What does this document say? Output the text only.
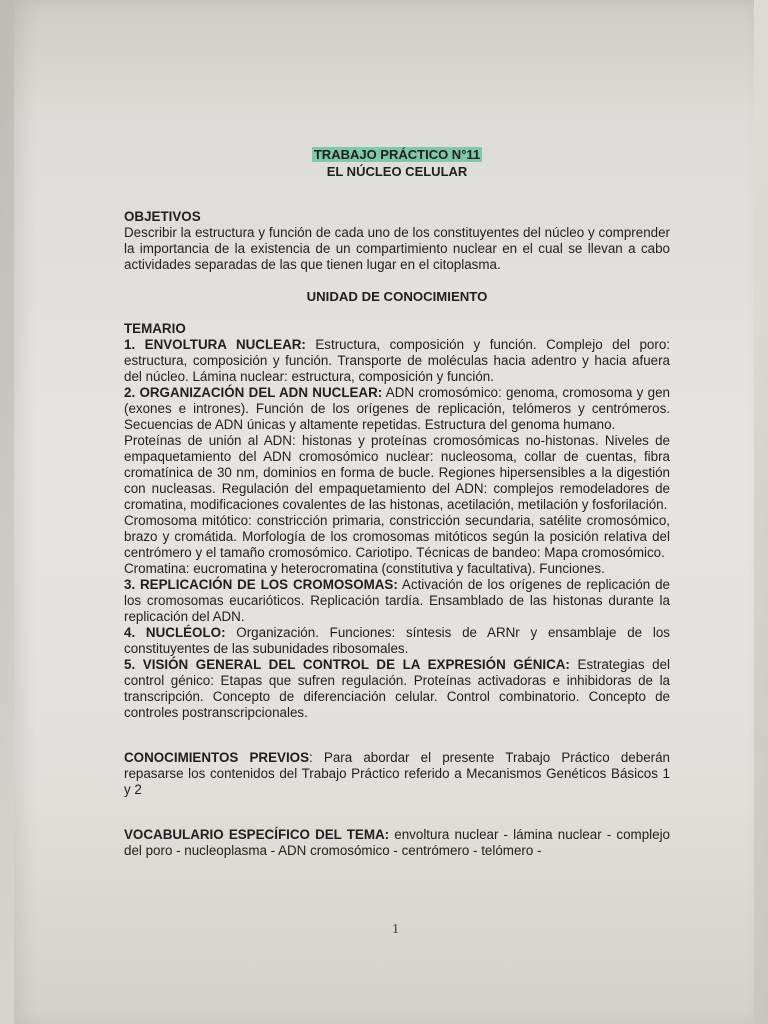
TRABAJO PRÁCTICO N°11
EL NÚCLEO CELULAR
OBJETIVOS

Describir la estructura y función de cada uno de los constituyentes del núcleo y comprender la importancia de la existencia de un compartimiento nuclear en el cual se llevan a cabo actividades separadas de las que tienen lugar en el citoplasma.

UNIDAD DE CONOCIMIENTO
TEMARIO

1. ENVOLTURA NUCLEAR: Estructura, composición y función. Complejo del poro: estructura, composición y función. Transporte de moléculas hacia adentro y hacia afuera del núcleo. Lámina nuclear: estructura, composición y función.

2. ORGANIZACIÓN DEL ADN NUCLEAR: ADN cromosómico: genoma, cromosoma y gen (exones e intrones). Función de los orígenes de replicación, telómeros y centrómeros. Secuencias de ADN únicas y altamente repetidas. Estructura del genoma humano.

Proteínas de unión al ADN: histonas y proteínas cromosómicas no-histonas. Niveles de empaquetamiento del ADN cromosómico nuclear: nucleosoma, collar de cuentas, fibra cromatínica de 30 nm, dominios en forma de bucle. Regiones hipersensibles a la digestión con nucleasas. Regulación del empaquetamiento del ADN: complejos remodeladores de cromatina, modificaciones covalentes de las histonas, acetilación, metilación y fosforilación.

Cromosoma mitótico: constricción primaria, constricción secundaria, satélite cromosómico, brazo y cromátida. Morfología de los cromosomas mitóticos según la posición relativa del centrómero y el tamaño cromosómico. Cariotipo. Técnicas de bandeo: Mapa cromosómico.

Cromatina: eucromatina y heterocromatina (constitutiva y facultativa). Funciones.

3. REPLICACIÓN DE LOS CROMOSOMAS: Activación de los orígenes de replicación de los cromosomas eucarióticos. Replicación tardía. Ensamblado de las histonas durante la replicación del ADN.

4. NUCLÉOLO: Organización. Funciones: síntesis de ARNr y ensamblaje de los constituyentes de las subunidades ribosomales.

5. VISIÓN GENERAL DEL CONTROL DE LA EXPRESIÓN GÉNICA: Estrategias del control génico: Etapas que sufren regulación. Proteínas activadoras e inhibidoras de la transcripción. Concepto de diferenciación celular. Control combinatorio. Concepto de controles postranscripcionales.

CONOCIMIENTOS PREVIOS: Para abordar el presente Trabajo Práctico deberán repasarse los contenidos del Trabajo Práctico referido a Mecanismos Genéticos Básicos 1 y 2

VOCABULARIO ESPECÍFICO DEL TEMA: envoltura nuclear - lámina nuclear - complejo del poro - nucleoplasma - ADN cromosómico - centrómero - telómero -

1
